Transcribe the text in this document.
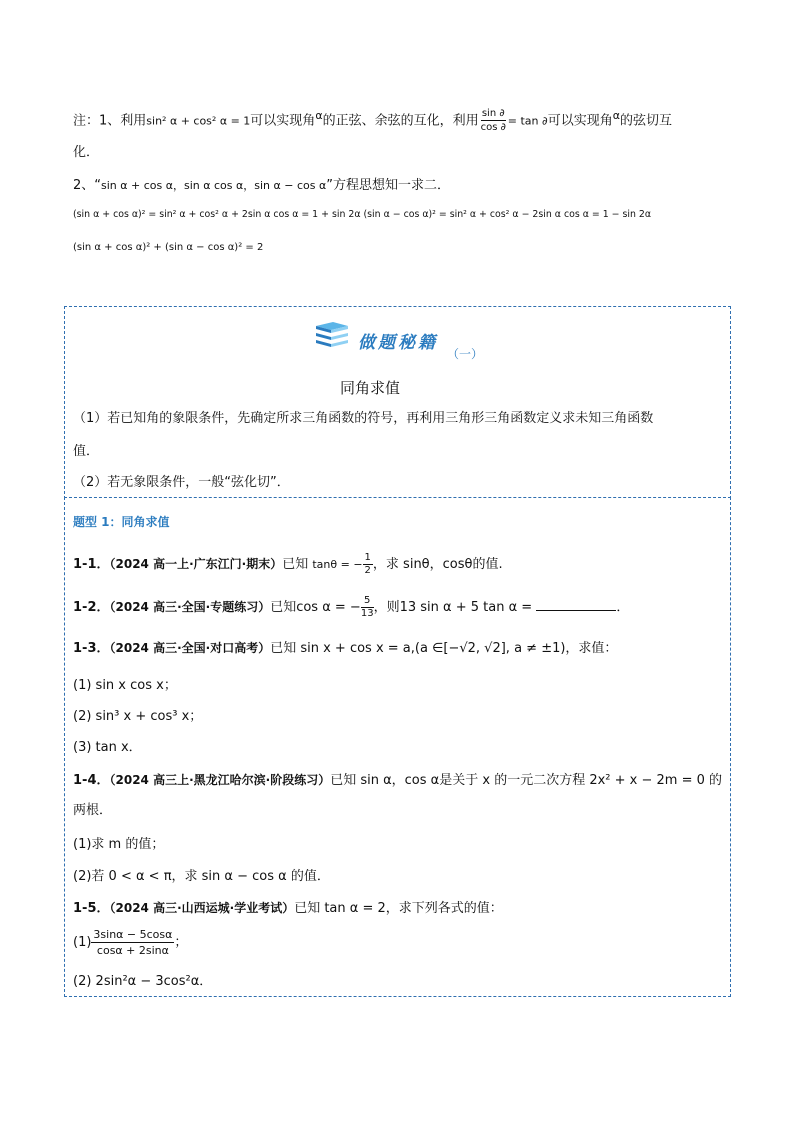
注：1、利用sin² α + cos² α = 1可以实现角$^\alpha$的正弦、余弦的互化，利用 $\frac{\sin \partial}{\cos \partial} = \tan$ ∂可以实现角$^\alpha$的弦切互
化．
2、“sin α + cos α，sin α cos α，sin α − cos α”方程思想知一求二．
(sin α + cos α)² = sin² α + cos² α + 2sin α cos α = 1 + sin 2α (sin α − cos α)² = sin² α + cos² α − 2sin α cos α = 1 − sin 2α
(sin α + cos α)² + (sin α − cos α)² = 2
做题秘籍
（一）
同角求值
（1）若已知角的象限条件，先确定所求三角函数的符号，再利用三角形三角函数定义求未知三角函数
值．
（2）若无象限条件，一般“弦化切”．
题型 1：同角求值
1-1．（2024 高一上·广东江门·期末）已知 tanθ = − $\frac{1}{2}$ ，求 sinθ，cosθ的值.
1-2．（2024 高三·全国·专题练习）已知cos α = − $\frac{5}{13}$ ，则13 sin α + 5 tan α =	．
1-3．（2024 高三·全国·对口高考）已知 sin x + cos x = a,(a ∈[−√2, √2], a ≠ ±1)，求值：
(1) sin x cos x；
(2) sin³ x + cos³ x；
(3) tan x．
1-4．（2024 高三上·黑龙江哈尔滨·阶段练习）已知 sin α，cos α是关于 x 的一元二次方程 2x² + x − 2m = 0 的
两根．
(1)求 m 的值；
(2)若 0 < α < π，求 sin α − cos α 的值．
1-5．（2024 高三·山西运城·学业考试）已知 tan α = 2，求下列各式的值：
$(1) \frac{3\sin\alpha - 5\cos\alpha}{\cos\alpha + 2\sin\alpha}$ ；
(2) 2sin²α − 3cos²α．
